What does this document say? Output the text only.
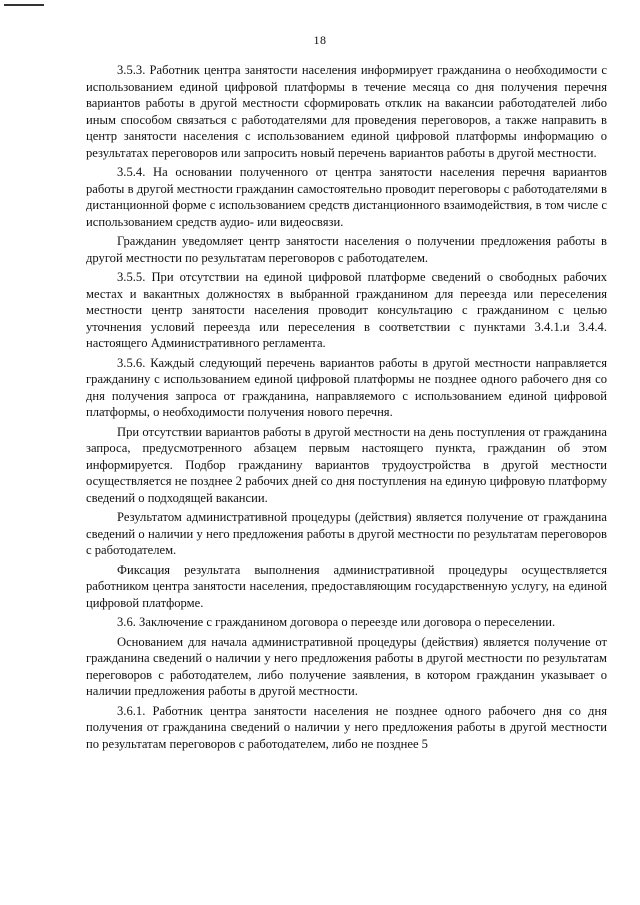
18

3.5.3. Работник центра занятости населения информирует гражданина о необходимости с использованием единой цифровой платформы в течение месяца со дня получения перечня вариантов работы в другой местности сформировать отклик на вакансии работодателей либо иным способом связаться с работодателями для проведения переговоров, а также направить в центр занятости населения с использованием единой цифровой платформы информацию о результатах переговоров или запросить новый перечень вариантов работы в другой местности.

3.5.4. На основании полученного от центра занятости населения перечня вариантов работы в другой местности гражданин самостоятельно проводит переговоры с работодателями в дистанционной форме с использованием средств дистанционного взаимодействия, в том числе с использованием средств аудио- или видеосвязи.

Гражданин уведомляет центр занятости населения о получении предложения работы в другой местности по результатам переговоров с работодателем.

3.5.5. При отсутствии на единой цифровой платформе сведений о свободных рабочих местах и вакантных должностях в выбранной гражданином для переезда или переселения местности центр занятости населения проводит консультацию с гражданином с целью уточнения условий переезда или переселения в соответствии с пунктами 3.4.1.и 3.4.4. настоящего Административного регламента.

3.5.6. Каждый следующий перечень вариантов работы в другой местности направляется гражданину с использованием единой цифровой платформы не позднее одного рабочего дня со дня получения запроса от гражданина, направляемого с использованием единой цифровой платформы, о необходимости получения нового перечня.

При отсутствии вариантов работы в другой местности на день поступления от гражданина запроса, предусмотренного абзацем первым настоящего пункта, гражданин об этом информируется. Подбор гражданину вариантов трудоустройства в другой местности осуществляется не позднее 2 рабочих дней со дня поступления на единую цифровую платформу сведений о подходящей вакансии.

Результатом административной процедуры (действия) является получение от гражданина сведений о наличии у него предложения работы в другой местности по результатам переговоров с работодателем.

Фиксация результата выполнения административной процедуры осуществляется работником центра занятости населения, предоставляющим государственную услугу, на единой цифровой платформе.

3.6. Заключение с гражданином договора о переезде или договора о переселении.

Основанием для начала административной процедуры (действия) является получение от гражданина сведений о наличии у него предложения работы в другой местности по результатам переговоров с работодателем, либо получение заявления, в котором гражданин указывает о наличии предложения работы в другой местности.

3.6.1. Работник центра занятости населения не позднее одного рабочего дня со дня получения от гражданина сведений о наличии у него предложения работы в другой местности по результатам переговоров с работодателем, либо не позднее 5
